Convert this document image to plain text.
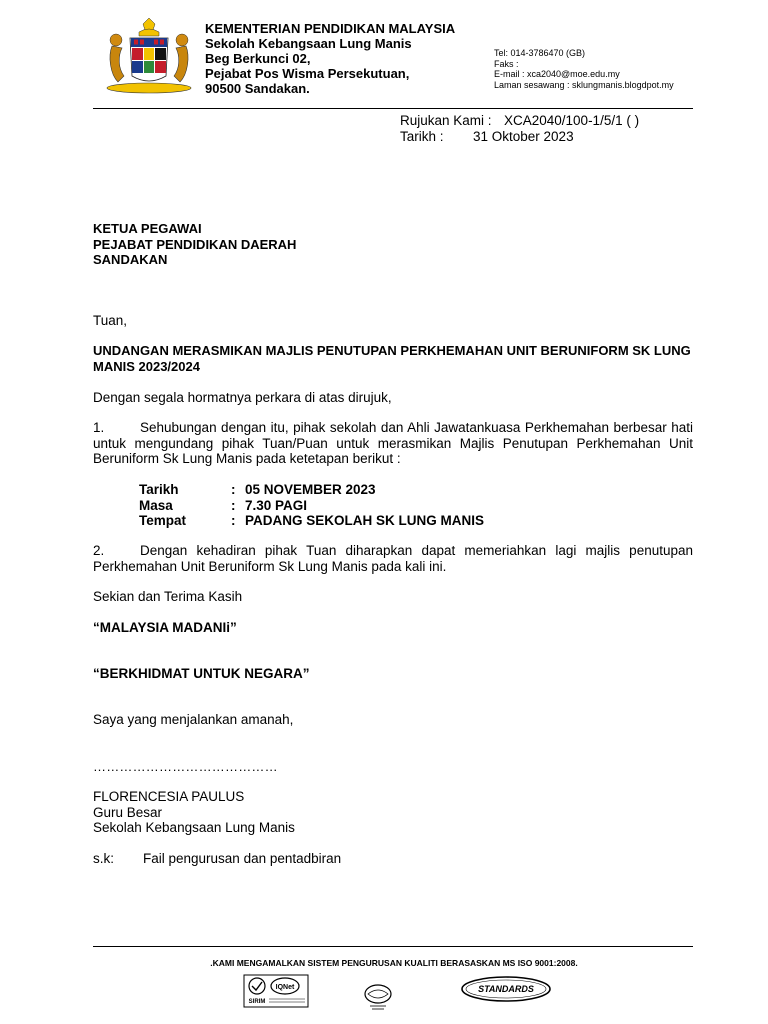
KEMENTERIAN PENDIDIKAN MALAYSIA
Sekolah Kebangsaan Lung Manis
Beg Berkunci 02,
Pejabat Pos Wisma Persekutuan,
90500 Sandakan.
Tel: 014-3786470 (GB)
Faks :
E-mail : xca2040@moe.edu.my
Laman sesawang : sklungmanis.blogdpot.my
Rujukan Kami : XCA2040/100-1/5/1 ( )
Tarikh :	31 Oktober 2023
KETUA PEGAWAI
PEJABAT PENDIDIKAN DAERAH
SANDAKAN
Tuan,
UNDANGAN MERASMIKAN MAJLIS PENUTUPAN PERKHEMAHAN UNIT BERUNIFORM SK LUNG MANIS 2023/2024
Dengan segala hormatnya perkara di atas dirujuk,
1.	Sehubungan dengan itu, pihak sekolah dan Ahli Jawatankuasa Perkhemahan berbesar hati untuk mengundang pihak Tuan/Puan untuk merasmikan Majlis Penutupan Perkhemahan Unit Beruniform Sk Lung Manis pada ketetapan berikut :
Tarikh	: 05 NOVEMBER 2023
Masa	: 7.30 PAGI
Tempat	: PADANG SEKOLAH SK LUNG MANIS
2.	Dengan kehadiran pihak Tuan diharapkan dapat memeriahkan lagi majlis penutupan Perkhemahan Unit Beruniform Sk Lung Manis pada kali ini.
Sekian dan Terima Kasih
“MALAYSIA MADANIi”
“BERKHIDMAT UNTUK NEGARA”
Saya yang menjalankan amanah,
……………………………………
FLORENCESIA PAULUS
Guru Besar
Sekolah Kebangsaan Lung Manis
s.k:	Fail pengurusan dan pentadbiran
.KAMI MENGAMALKAN SISTEM PENGURUSAN KUALITI BERASASKAN MS ISO 9001:2008.
IQNet
SIRIM
STANDARDS
